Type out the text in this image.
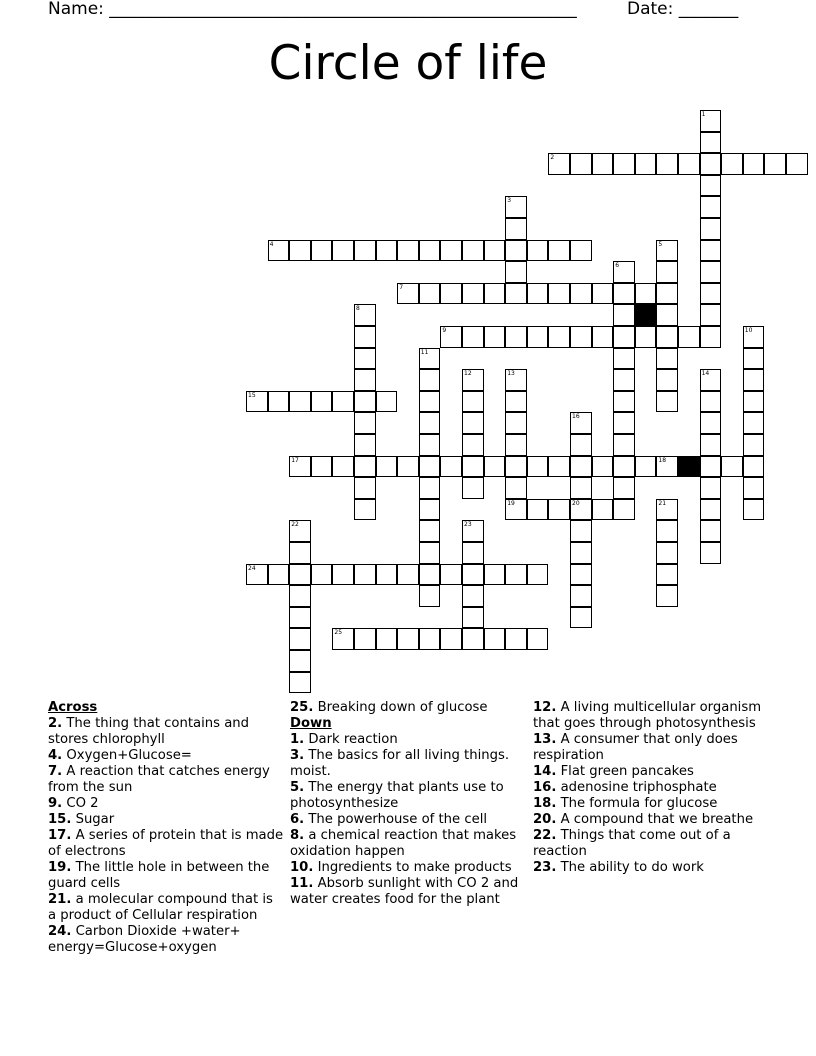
Name: _______________________________________________________	Date: _______
Circle of life
1
2
3
4	5
6
7
8
9	10
11
12	13	14
15
16
17	18
19	20	21
22	23
24
25
Across
2. The thing that contains and stores chlorophyll
4. Oxygen+Glucose=
7. A reaction that catches energy from the sun
9. CO 2
15. Sugar
17. A series of protein that is made of electrons
19. The little hole in between the guard cells
21. a molecular compound that is a product of Cellular respiration
24. Carbon Dioxide +water+ energy=Glucose+oxygen
25. Breaking down of glucose
Down
1. Dark reaction
3. The basics for all living things. moist.
5. The energy that plants use to photosynthesize
6. The powerhouse of the cell
8. a chemical reaction that makes oxidation happen
10. Ingredients to make products
11. Absorb sunlight with CO 2 and water creates food for the plant
12. A living multicellular organism that goes through photosynthesis
13. A consumer that only does respiration
14. Flat green pancakes
16. adenosine triphosphate
18. The formula for glucose
20. A compound that we breathe
22. Things that come out of a reaction
23. The ability to do work
